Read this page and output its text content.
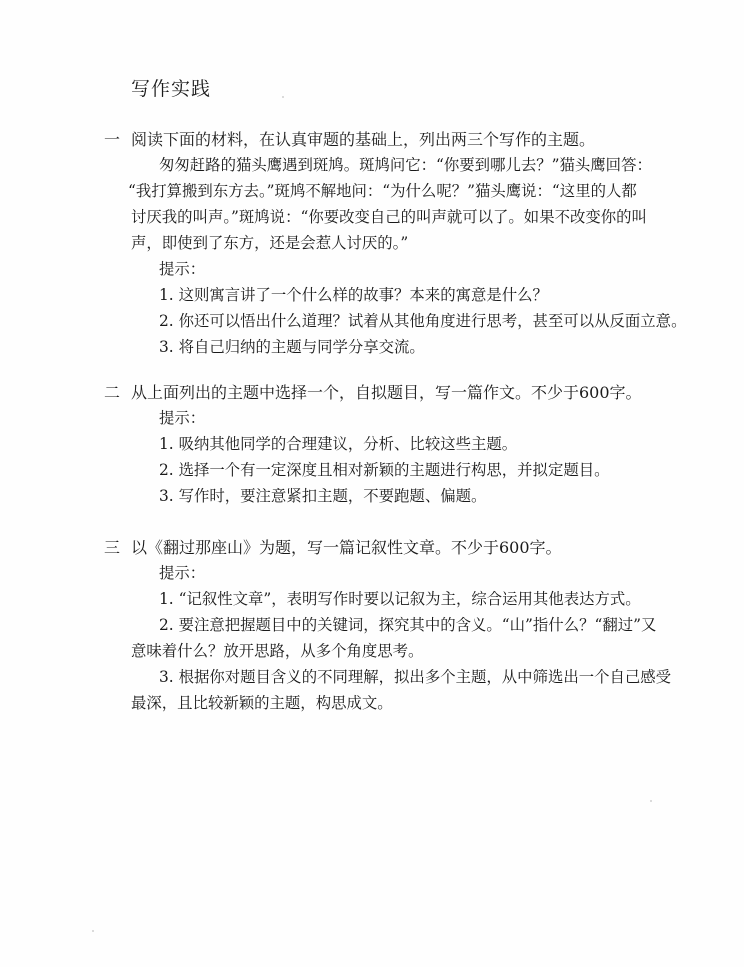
写作实践
一 阅读下面的材料，在认真审题的基础上，列出两三个写作的主题。
匆匆赶路的猫头鹰遇到斑鸠。斑鸠问它：“你要到哪儿去？”猫头鹰回答：
“我打算搬到东方去。”斑鸠不解地问：“为什么呢？”猫头鹰说：“这里的人都
讨厌我的叫声。”斑鸠说：“你要改变自己的叫声就可以了。如果不改变你的叫
声，即使到了东方，还是会惹人讨厌的。”
提示：
1. 这则寓言讲了一个什么样的故事？本来的寓意是什么？
2. 你还可以悟出什么道理？试着从其他角度进行思考，甚至可以从反面立意。
3. 将自己归纳的主题与同学分享交流。
二 从上面列出的主题中选择一个，自拟题目，写一篇作文。不少于600字。
提示：
1. 吸纳其他同学的合理建议，分析、比较这些主题。
2. 选择一个有一定深度且相对新颖的主题进行构思，并拟定题目。
3. 写作时，要注意紧扣主题，不要跑题、偏题。
三 以《翻过那座山》为题，写一篇记叙性文章。不少于600字。
提示：
1. “记叙性文章”，表明写作时要以记叙为主，综合运用其他表达方式。
2. 要注意把握题目中的关键词，探究其中的含义。“山”指什么？“翻过”又
意味着什么？放开思路，从多个角度思考。
3. 根据你对题目含义的不同理解，拟出多个主题，从中筛选出一个自己感受
最深，且比较新颖的主题，构思成文。
